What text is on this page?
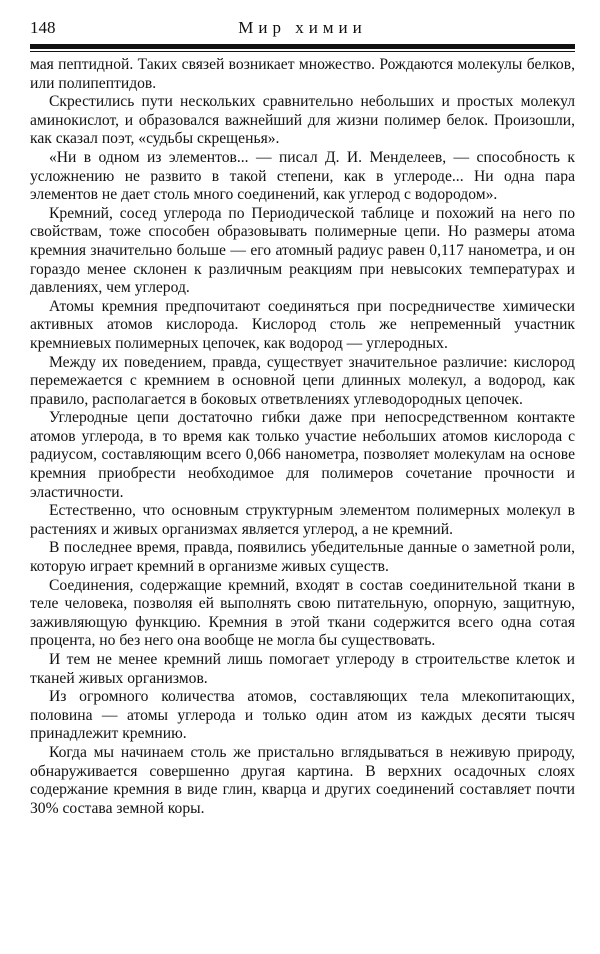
148	Мир химии

мая пептидной. Таких связей возникает множество. Рождаются молекулы белков, или полипептидов.

Скрестились пути нескольких сравнительно небольших и простых молекул аминокислот, и образовался важнейший для жизни полимер белок. Произошли, как сказал поэт, «судьбы скрещенья».

«Ни в одном из элементов... — писал Д. И. Менделеев, — способность к усложнению не развито в такой степени, как в углероде... Ни одна пара элементов не дает столь много соединений, как углерод с водородом».

Кремний, сосед углерода по Периодической таблице и похожий на него по свойствам, тоже способен образовывать полимерные цепи. Но размеры атома кремния значительно больше — его атомный радиус равен 0,117 нанометра, и он гораздо менее склонен к различным реакциям при невысоких температурах и давлениях, чем углерод.

Атомы кремния предпочитают соединяться при посредничестве химически активных атомов кислорода. Кислород столь же непременный участник кремниевых полимерных цепочек, как водород — углеродных.

Между их поведением, правда, существует значительное различие: кислород перемежается с кремнием в основной цепи длинных молекул, а водород, как правило, располагается в боковых ответвлениях углеводородных цепочек.

Углеродные цепи достаточно гибки даже при непосредственном контакте атомов углерода, в то время как только участие небольших атомов кислорода с радиусом, составляющим всего 0,066 нанометра, позволяет молекулам на основе кремния приобрести необходимое для полимеров сочетание прочности и эластичности.

Естественно, что основным структурным элементом полимерных молекул в растениях и живых организмах является углерод, а не кремний.

В последнее время, правда, появились убедительные данные о заметной роли, которую играет кремний в организме живых существ.

Соединения, содержащие кремний, входят в состав соединительной ткани в теле человека, позволяя ей выполнять свою питательную, опорную, защитную, заживляющую функцию. Кремния в этой ткани содержится всего одна сотая процента, но без него она вообще не могла бы существовать.

И тем не менее кремний лишь помогает углероду в строительстве клеток и тканей живых организмов.

Из огромного количества атомов, составляющих тела млекопитающих, половина — атомы углерода и только один атом из каждых десяти тысяч принадлежит кремнию.

Когда мы начинаем столь же пристально вглядываться в неживую природу, обнаруживается совершенно другая картина. В верхних осадочных слоях содержание кремния в виде глин, кварца и других соединений составляет почти 30% состава земной коры.
